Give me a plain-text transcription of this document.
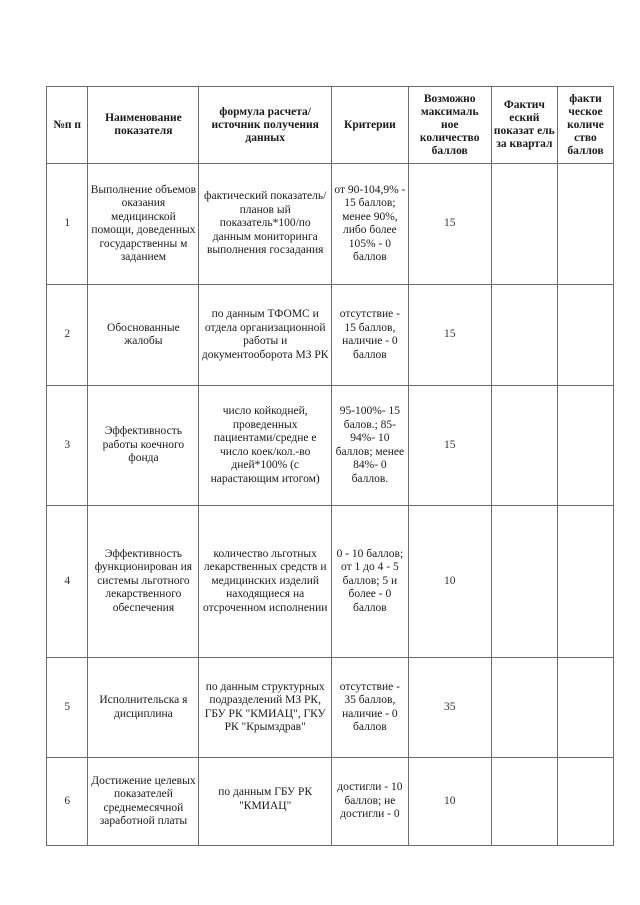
№п п	Наименование показателя	формула расчета/источник получения данных	Критерии	Возможно максималь ное количество баллов	Фактич еский показат ель за квартал	факти ческое количе ство баллов
1	Выполнение объемов оказания медицинской помощи, доведенных государственны м заданием	фактический показатель/планов ый показатель*100/по данным мониторинга выполнения госзадания	от 90-104,9% - 15 баллов; менее 90%, либо более 105% - 0 баллов	15		
2	Обоснованные жалобы	по данным ТФОМС и отдела организационной работы и документооборота МЗ РК	отсутствие - 15 баллов, наличие - 0 баллов	15		
3	Эффективность работы коечного фонда	число койкодней, проведенных пациентами/средне е число коек/кол.-во дней*100% (с нарастающим итогом)	95-100%- 15 балов.; 85-94%- 10 баллов; менее 84%- 0 баллов.	15		
4	Эффективность функционирован ия системы льготного лекарственного обеспечения	количество льготных лекарственных средств и медицинских изделий находящиеся на отсроченном исполнении	0 - 10 баллов; от 1 до 4 - 5 баллов; 5 и более - 0 баллов	10		
5	Исполнительска я дисциплина	по данным структурных подразделений МЗ РК, ГБУ РК "КМИАЦ", ГКУ РК "Крымздрав"	отсутствие - 35 баллов, наличие - 0 баллов	35		
6	Достижение целевых показателей среднемесячной заработной платы	по данным ГБУ РК "КМИАЦ"	достигли - 10 баллов; не достигли - 0	10		
